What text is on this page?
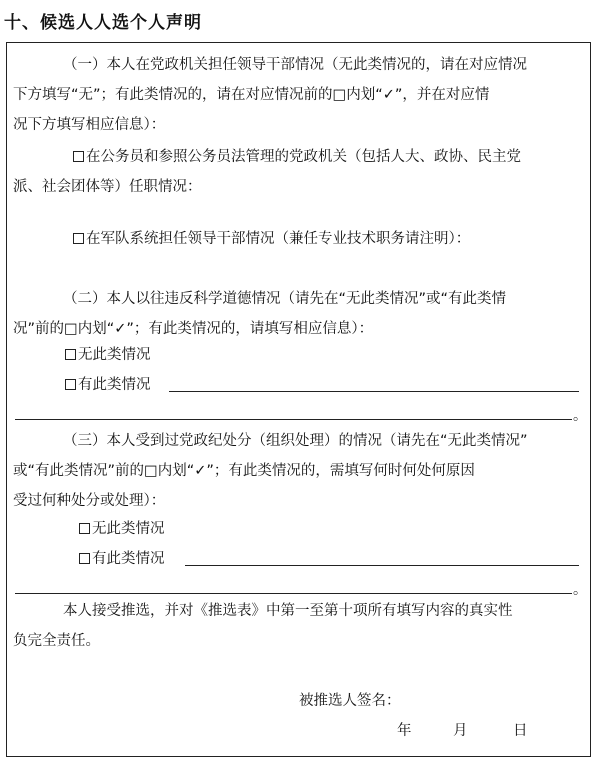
十、候选人人选个人声明
（一）本人在党政机关担任领导干部情况（无此类情况的，请在对应情况
下方填写“无”；有此类情况的，请在对应情况前的□内划“✓”，并在对应情
况下方填写相应信息）：
在公务员和参照公务员法管理的党政机关（包括人大、政协、民主党
派、社会团体等）任职情况：
在军队系统担任领导干部情况（兼任专业技术职务请注明）：
（二）本人以往违反科学道德情况（请先在“无此类情况”或“有此类情
况”前的□内划“✓”；有此类情况的，请填写相应信息）：
无此类情况
有此类情况
。
（三）本人受到过党政纪处分（组织处理）的情况（请先在“无此类情况”
或“有此类情况”前的□内划“✓”；有此类情况的，需填写何时何处何原因
受过何种处分或处理）：
无此类情况
有此类情况
。
本人接受推选，并对《推选表》中第一至第十项所有填写内容的真实性
负完全责任。
被推选人签名：
年	月	日
